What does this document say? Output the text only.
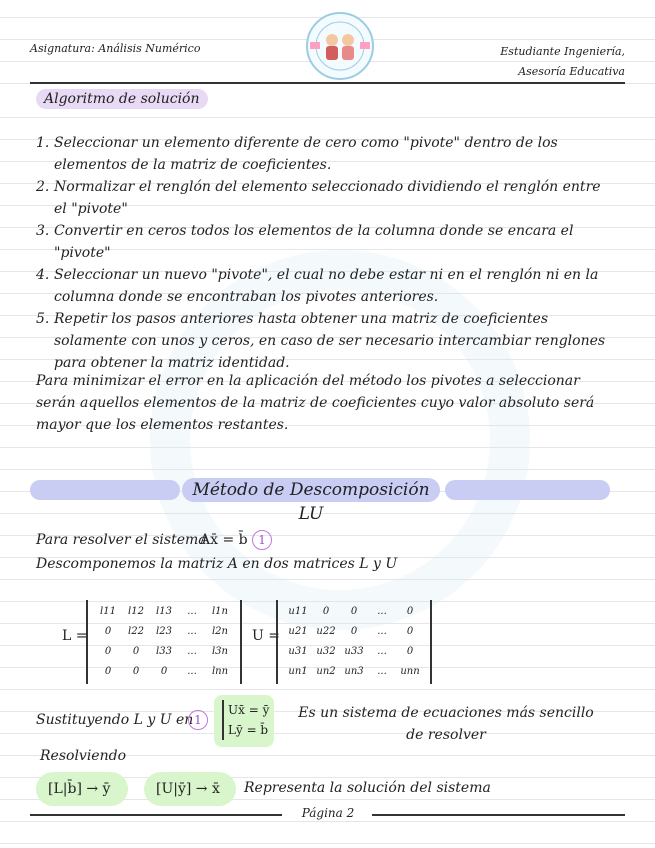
Asignatura: Análisis Numérico	Estudiante Ingeniería,
Asesoría Educativa
Algoritmo de solución
1. Seleccionar un elemento diferente de cero como "pivote" dentro de los elementos de la matriz de coeficientes.
2. Normalizar el renglón del elemento seleccionado dividiendo el renglón entre el "pivote"
3. Convertir en ceros todos los elementos de la columna donde se encara el "pivote"
4. Seleccionar un nuevo "pivote", el cual no debe estar ni en el renglón ni en la columna donde se encontraban los pivotes anteriores.
5. Repetir los pasos anteriores hasta obtener una matriz de coeficientes solamente con unos y ceros, en caso de ser necesario intercambiar renglones para obtener la matriz identidad.
Para minimizar el error en la aplicación del método los pivotes a seleccionar serán aquellos elementos de la matriz de coeficientes cuyo valor absoluto será mayor que los elementos restantes.
Método de Descomposición LU
Para resolver el sistema
Ax̄ = b̄ 1
Descomponemos la matriz A en dos matrices L y U
L =
l11	l12	l13	...	l1n
0	l22	l23	...	l2n
0	0	l33	...	l3n
0	0	0	...	lnn
U =
u11	0	0	...	0
u21 u22	0	...	0
u31 u32 u33	...	0
un1 un2 un3	...	unn
Sustituyendo L y U en 1
Ux̄ = ȳ
Lȳ = b̄
Es un sistema de ecuaciones más sencillo de resolver
Resolviendo
[L|b̄] → ȳ	[U|ȳ] → x̄	Representa la solución del sistema
Página 2
